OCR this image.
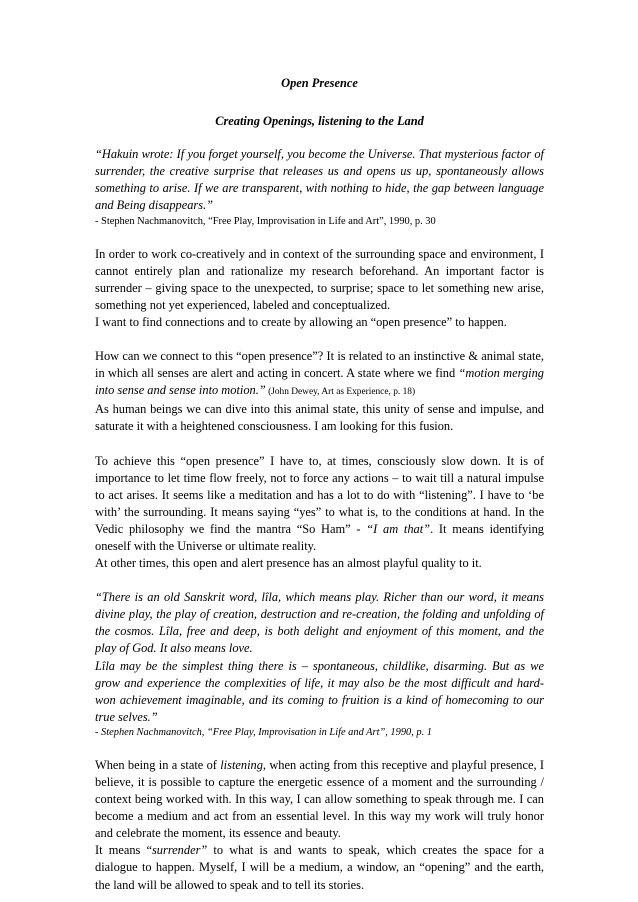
Open Presence

Creating Openings, listening to the Land

“Hakuin wrote: If you forget yourself, you become the Universe. That mysterious factor of surrender, the creative surprise that releases us and opens us up, spontaneously allows something to arise. If we are transparent, with nothing to hide, the gap between language and Being disappears.”

- Stephen Nachmanovitch, “Free Play, Improvisation in Life and Art”, 1990, p. 30

In order to work co-creatively and in context of the surrounding space and environment, I cannot entirely plan and rationalize my research beforehand. An important factor is surrender – giving space to the unexpected, to surprise; space to let something new arise, something not yet experienced, labeled and conceptualized.

I want to find connections and to create by allowing an “open presence” to happen.

How can we connect to this “open presence”? It is related to an instinctive & animal state, in which all senses are alert and acting in concert. A state where we find “motion merging into sense and sense into motion.” (John Dewey, Art as Experience, p. 18)

As human beings we can dive into this animal state, this unity of sense and impulse, and saturate it with a heightened consciousness. I am looking for this fusion.

To achieve this “open presence” I have to, at times, consciously slow down. It is of importance to let time flow freely, not to force any actions – to wait till a natural impulse to act arises. It seems like a meditation and has a lot to do with “listening”. I have to ‘be with’ the surrounding. It means saying “yes” to what is, to the conditions at hand. In the Vedic philosophy we find the mantra “So Ham” - “I am that”. It means identifying oneself with the Universe or ultimate reality.

At other times, this open and alert presence has an almost playful quality to it.

“There is an old Sanskrit word, lîla, which means play. Richer than our word, it means divine play, the play of creation, destruction and re-creation, the folding and unfolding of the cosmos. Lîla, free and deep, is both delight and enjoyment of this moment, and the play of God. It also means love.

Lîla may be the simplest thing there is – spontaneous, childlike, disarming. But as we grow and experience the complexities of life, it may also be the most difficult and hard-won achievement imaginable, and its coming to fruition is a kind of homecoming to our true selves.”

- Stephen Nachmanovitch, “Free Play, Improvisation in Life and Art”, 1990, p. 1

When being in a state of listening, when acting from this receptive and playful presence, I believe, it is possible to capture the energetic essence of a moment and the surrounding / context being worked with. In this way, I can allow something to speak through me. I can become a medium and act from an essential level. In this way my work will truly honor and celebrate the moment, its essence and beauty.

It means “surrender” to what is and wants to speak, which creates the space for a dialogue to happen. Myself, I will be a medium, a window, an “opening” and the earth, the land will be allowed to speak and to tell its stories.
